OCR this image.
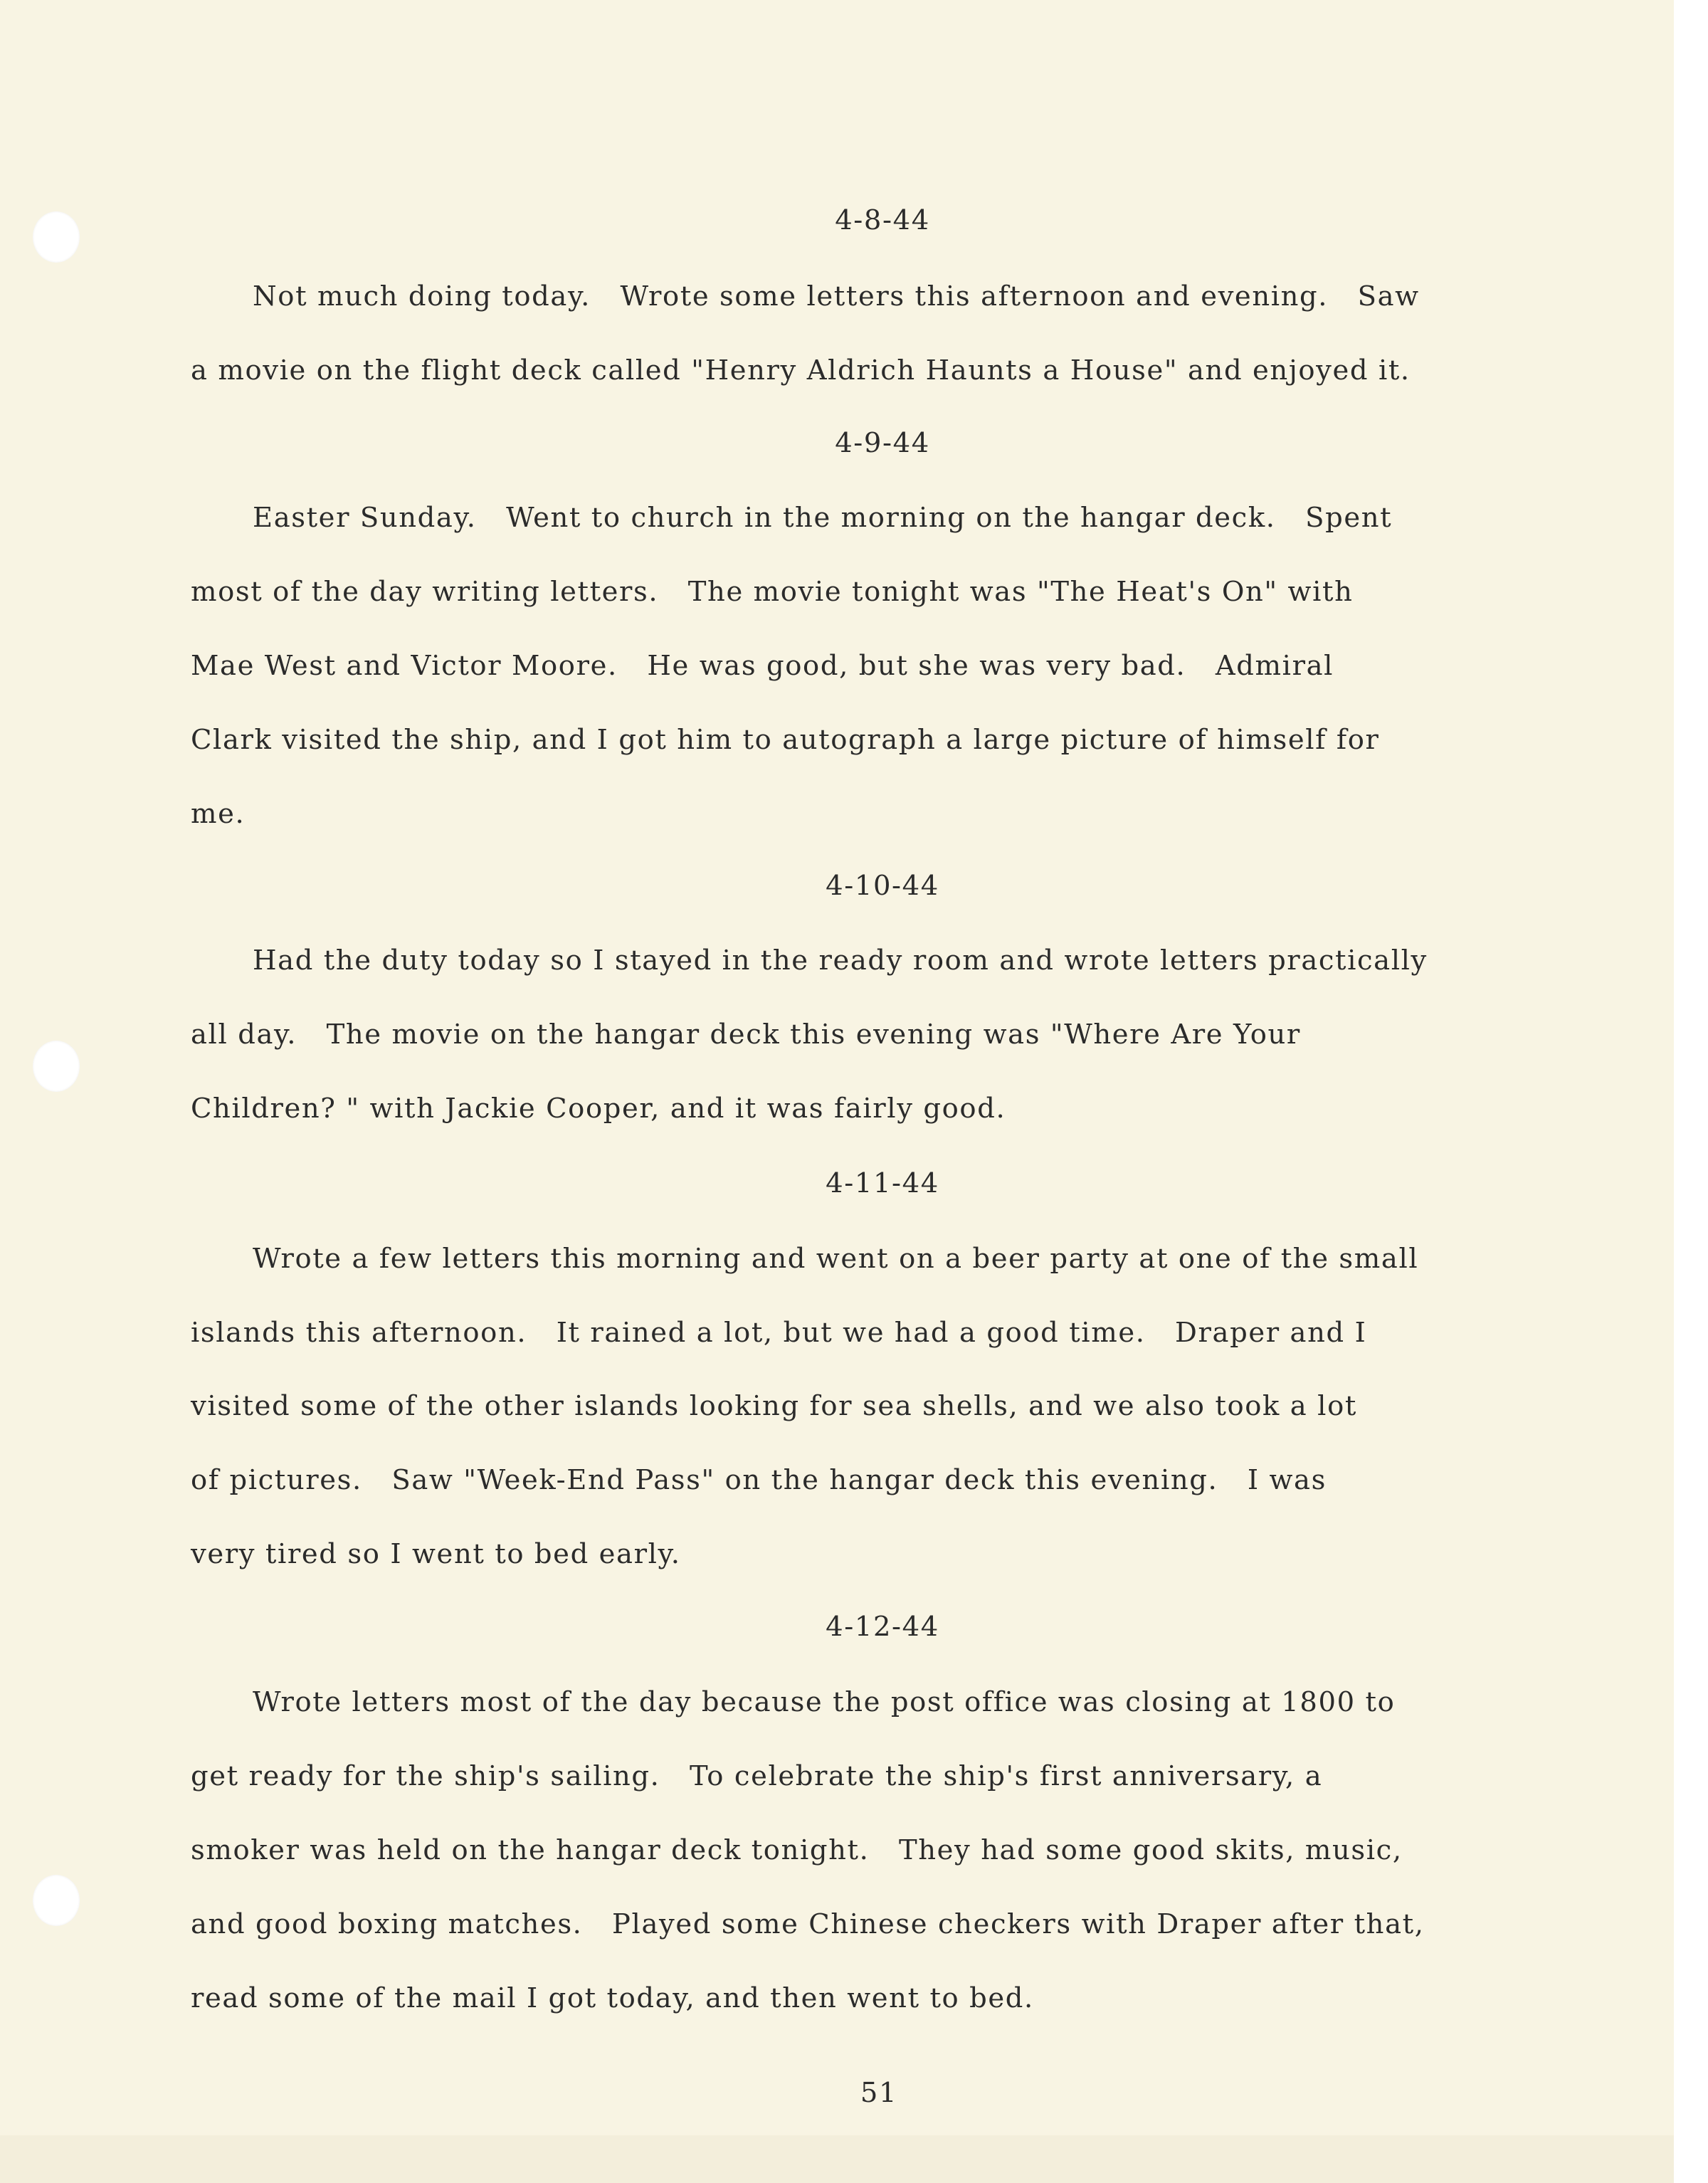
4-8-44
Not much doing today.   Wrote some letters this afternoon and evening.   Saw
a movie on the flight deck called "Henry Aldrich Haunts a House" and enjoyed it.
4-9-44
Easter Sunday.   Went to church in the morning on the hangar deck.   Spent
most of the day writing letters.   The movie tonight was "The Heat's On" with
Mae West and Victor Moore.   He was good, but she was very bad.   Admiral
Clark visited the ship, and I got him to autograph a large picture of himself for
me.
4-10-44
Had the duty today so I stayed in the ready room and wrote letters practically
all day.   The movie on the hangar deck this evening was "Where Are Your
Children? " with Jackie Cooper, and it was fairly good.
4-11-44
Wrote a few letters this morning and went on a beer party at one of the small
islands this afternoon.   It rained a lot, but we had a good time.   Draper and I
visited some of the other islands looking for sea shells, and we also took a lot
of pictures.   Saw "Week-End Pass" on the hangar deck this evening.   I was
very tired so I went to bed early.
4-12-44
Wrote letters most of the day because the post office was closing at 1800 to
get ready for the ship's sailing.   To celebrate the ship's first anniversary, a
smoker was held on the hangar deck tonight.   They had some good skits, music,
and good boxing matches.   Played some Chinese checkers with Draper after that,
read some of the mail I got today, and then went to bed.
51
